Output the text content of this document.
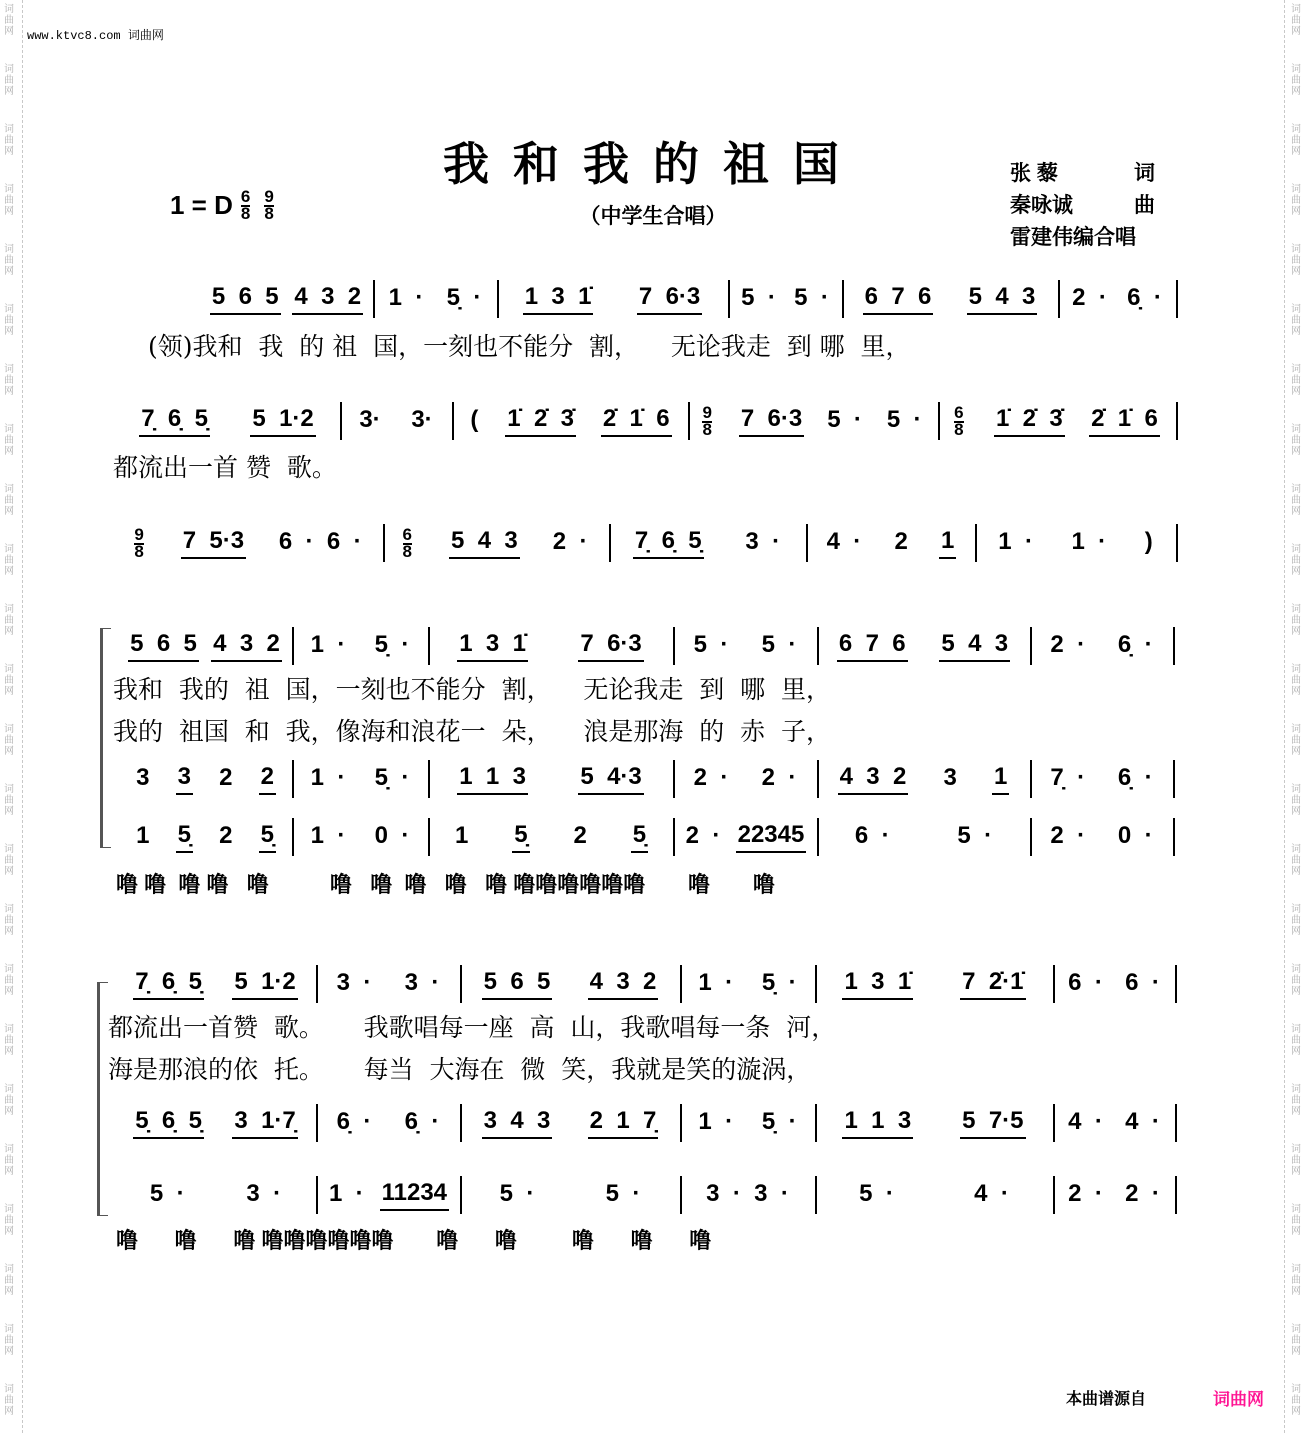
词
曲
网
词
曲
网
词
曲
网
词
曲
网
词
曲
网
词
曲
网
词
曲
网
词
曲
网
词
曲
网
词
曲
网
词
曲
网
词
曲
网
词
曲
网
词
曲
网
词
曲
网
词
曲
网
词
曲
网
词
曲
网
词
曲
网
词
曲
网
词
曲
网
词
曲
网
词
曲
网
词
曲
网
词
曲
网
词
曲
网
词
曲
网
词
曲
网
词
曲
网
词
曲
网
词
曲
网
词
曲
网
词
曲
网
词
曲
网
词
曲
网
词
曲
网
词
曲
网
词
曲
网
词
曲
网
词
曲
网
词
曲
网
词
曲
网
词
曲
网
词
曲
网
词
曲
网
词
曲
网
词
曲
网
词
曲
网
www.ktvc8.com 词曲网
我和我的祖国
（中学生合唱）
1 = D $\frac{6}{8} \frac{9}{8}$
张 藜	词
秦咏诚	曲
雷建伟编合唱
5  6  5 4  3  2 1  · 5̣  · 1  3  1̇ 7  6·3 5  · 5  · 6  7  6 5  4  3 2  · 6̣  ·
(领)我和  我  的 祖  国，一刻也不能分  割，    无论我走  到 哪  里，
7̣  6̣  5̣ 5  1·2 3· 3· ( 1̇  2̇  3̇ 2̇  1̇  $6 \frac{9}{8} 7$  6·3 $5 \cdot 5 \cdot \frac{6}{8}$ 1̇  2̇  3̇ 2̇  1̇  6
都流出一首 赞  歌。
$\frac{9}{8} 7$  5·3 $6 \cdot 6 \cdot \frac{6}{8} 5$  4  3 2  · 7̣  6̣  5̣ 3  · 4  · 2 1 1  · 1  · )
5  6  5 4  3  2 1  · 5̣  · 1  3  1̇ 7  6·3 5  · 5  · 6  7  6 5  4  3 2  · 6̣  ·
3 3 2 2 1  · 5̣  · 1  1  3 5  4·3 2  · 2  · 4  3  2 3 1 7̣  · 6̣  ·
1 5̣ 2 5̣ 1  · 0  · 1 5̣ 2 5̣ 2  · 22345 6  ·	5  · 2  · 0  ·
我和  我的  祖  国，一刻也不能分  割，    无论我走  到  哪  里，
我的  祖国  和  我，像海和浪花一  朵，    浪是那海  的  赤  子，
噜 噜  噜 噜   噜          噜   噜  噜   噜   噜 噜噜噜噜噜噜       噜       噜
7̣  6̣  5̣ 5  1·2 3  · 3  · 5  6  5 4  3  2 1  · 5̣  · 1  3  1̇ 7  2̇·1̇ 6  · 6  ·
5̣  6̣  5̣ 3  1·7̣ 6̣  · 6̣  · 3  4  3 2  1  7̣ 1  · 5̣  · 1  1  3 5  7·5 4  · 4  ·
5  ·	3  · 1  · 11234 5  ·	5  ·	3  ·  3  ·	5  ·	4  · 2  · 2  ·
都流出一首赞  歌。     我歌唱每一座  高  山，我歌唱每一条  河，
海是那浪的依  托。     每当  大海在  微  笑，我就是笑的漩涡，
噜      噜      噜 噜噜噜噜噜噜       噜      噜         噜      噜      噜
本曲谱源自	词曲网
